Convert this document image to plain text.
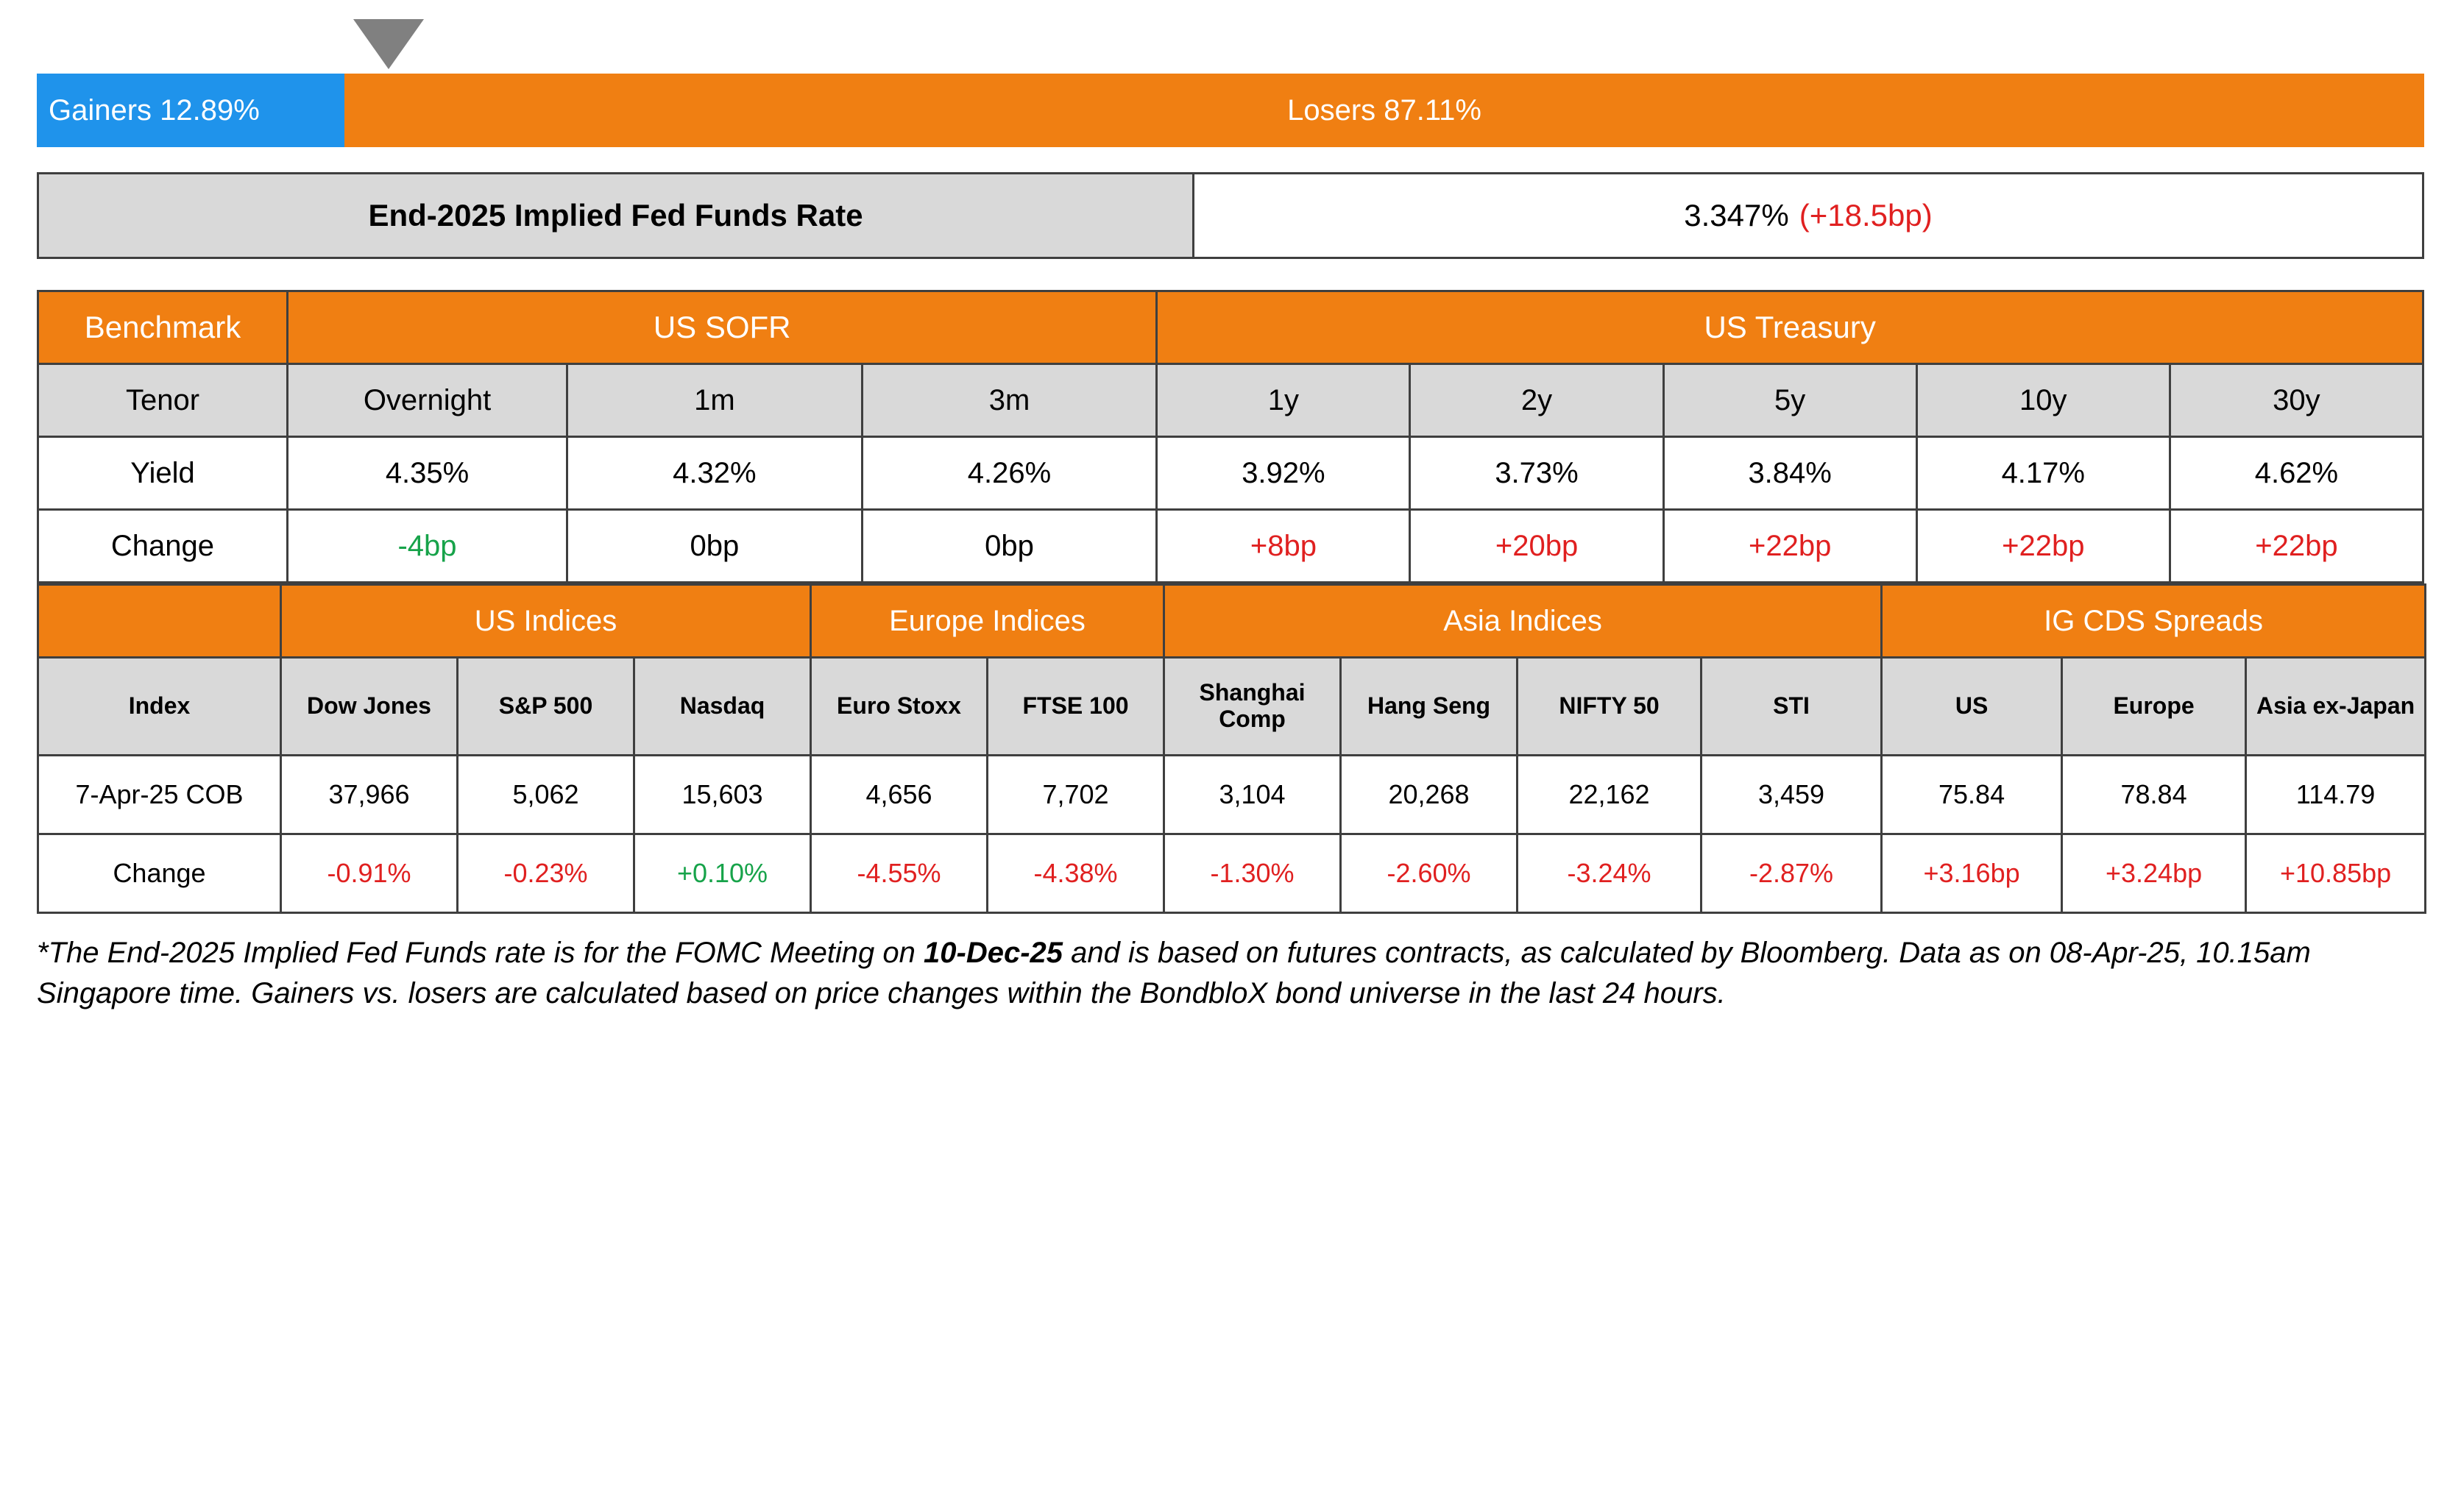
Gainers 12.89%	Losers 87.11%
End-2025 Implied Fed Funds Rate	3.347% (+18.5bp)
Benchmark	US SOFR			US Treasury				
Tenor	Overnight	1m	3m	1y	2y	5y	10y	30y
Yield	4.35%	4.32%	4.26%	3.92%	3.73%	3.84%	4.17%	4.62%
Change	-4bp	0bp	0bp	+8bp	+20bp	+22bp	+22bp	+22bp
	US Indices			Europe Indices		Asia Indices				IG CDS Spreads		
Index	Dow Jones	S&P 500	Nasdaq	Euro Stoxx	FTSE 100	Shanghai Comp	Hang Seng	NIFTY 50	STI	US	Europe	Asia ex-Japan
7-Apr-25 COB	37,966	5,062	15,603	4,656	7,702	3,104	20,268	22,162	3,459	75.84	78.84	114.79
Change	-0.91%	-0.23%	+0.10%	-4.55%	-4.38%	-1.30%	-2.60%	-3.24%	-2.87%	+3.16bp	+3.24bp	+10.85bp
*The End-2025 Implied Fed Funds rate is for the FOMC Meeting on 10-Dec-25 and is based on futures contracts, as calculated by Bloomberg. Data as on 08-Apr-25, 10.15am Singapore time. Gainers vs. losers are calculated based on price changes within the BondbloX bond universe in the last 24 hours.
